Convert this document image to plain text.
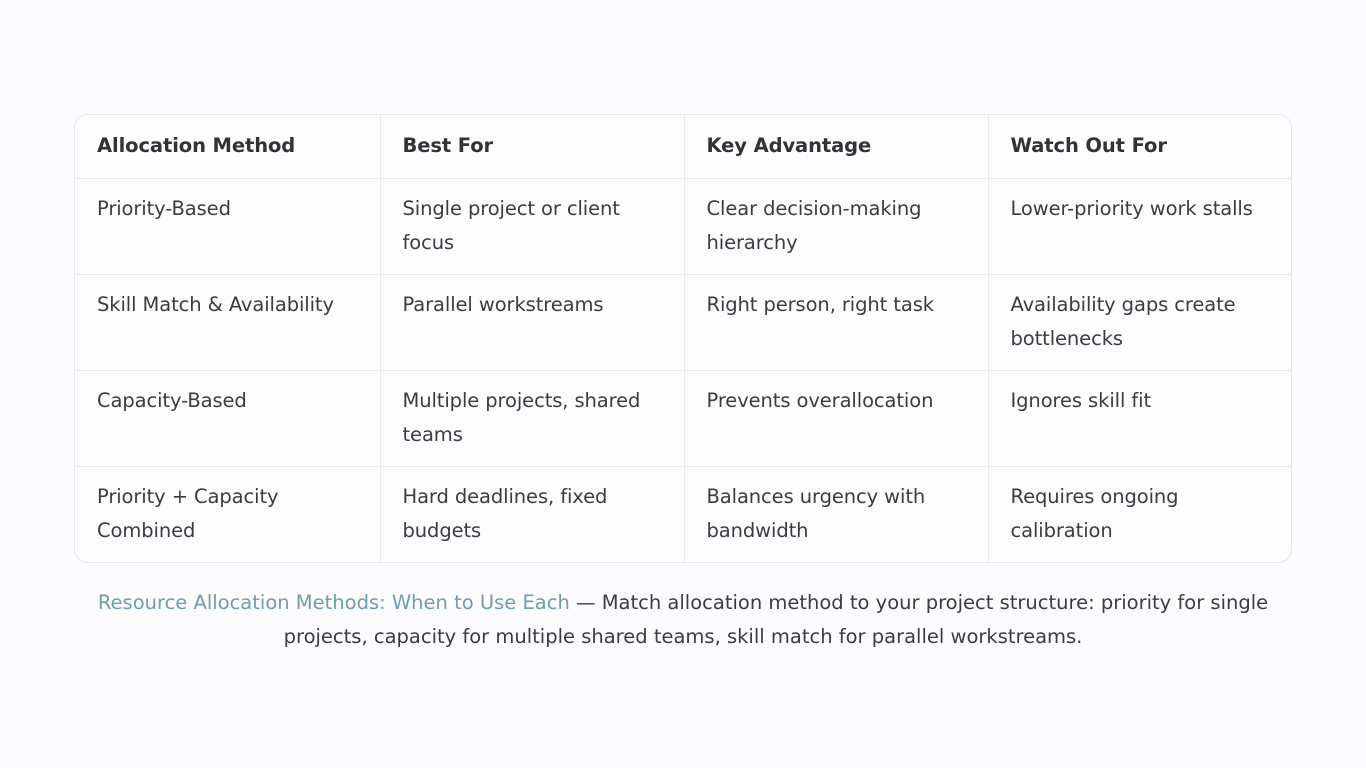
Allocation Method	Best For	Key Advantage	Watch Out For
Priority-Based	Single project or client focus	Clear decision-making hierarchy	Lower-priority work stalls
Skill Match & Availability	Parallel workstreams	Right person, right task	Availability gaps create bottlenecks
Capacity-Based	Multiple projects, shared teams	Prevents overallocation	Ignores skill fit
Priority + Capacity Combined	Hard deadlines, fixed budgets	Balances urgency with bandwidth	Requires ongoing calibration
Resource Allocation Methods: When to Use Each — Match allocation method to your project structure: priority for single projects, capacity for multiple shared teams, skill match for parallel workstreams.
